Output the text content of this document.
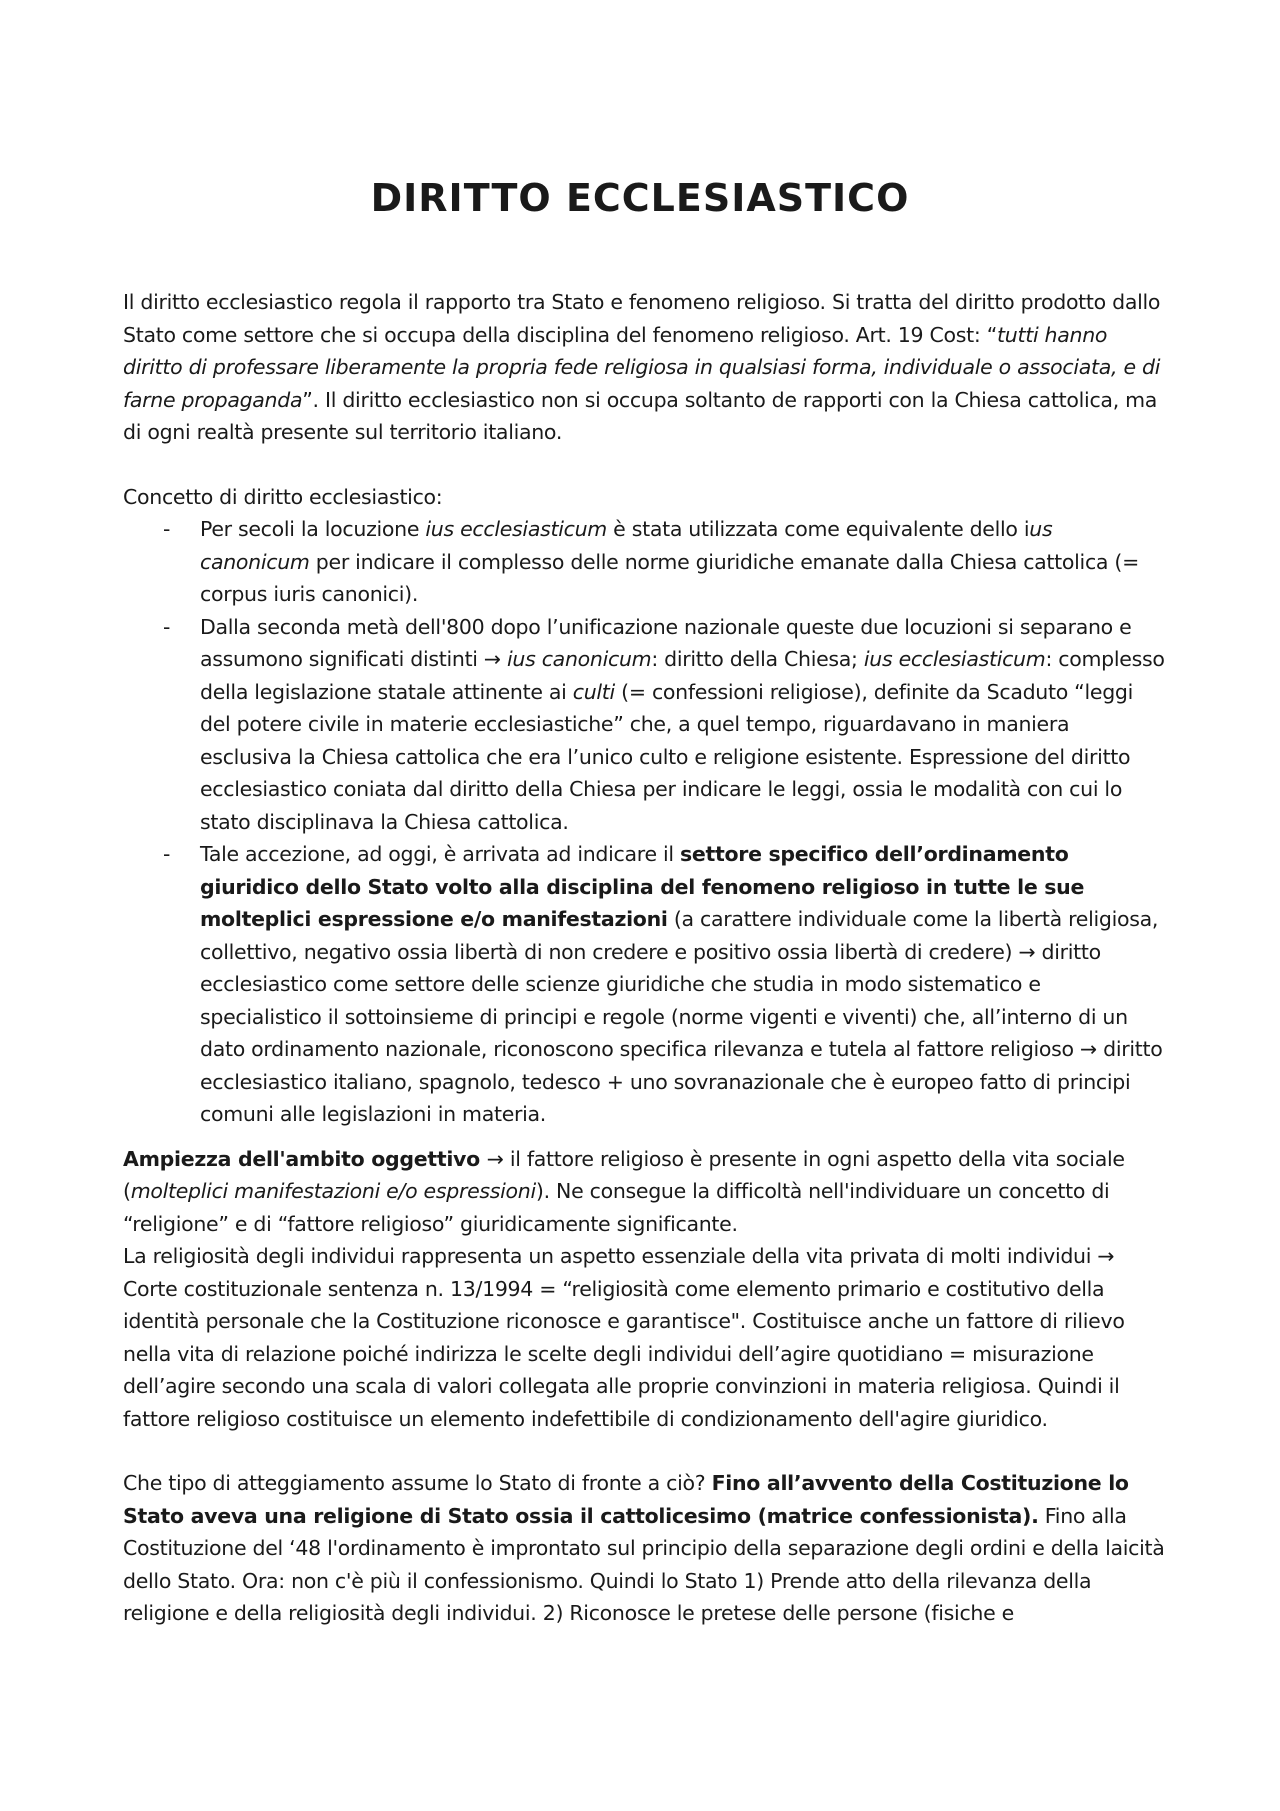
DIRITTO ECCLESIASTICO

Il diritto ecclesiastico regola il rapporto tra Stato e fenomeno religioso. Si tratta del diritto prodotto dallo Stato come settore che si occupa della disciplina del fenomeno religioso. Art. 19 Cost: “tutti hanno diritto di professare liberamente la propria fede religiosa in qualsiasi forma, individuale o associata, e di farne propaganda”. Il diritto ecclesiastico non si occupa soltanto de rapporti con la Chiesa cattolica, ma di ogni realtà presente sul territorio italiano.

Concetto di diritto ecclesiastico:

- Per secoli la locuzione ius ecclesiasticum è stata utilizzata come equivalente dello ius canonicum per indicare il complesso delle norme giuridiche emanate dalla Chiesa cattolica (= corpus iuris canonici).
- Dalla seconda metà dell'800 dopo l’unificazione nazionale queste due locuzioni si separano e assumono significati distinti → ius canonicum: diritto della Chiesa; ius ecclesiasticum: complesso della legislazione statale attinente ai culti (= confessioni religiose), definite da Scaduto “leggi del potere civile in materie ecclesiastiche” che, a quel tempo, riguardavano in maniera esclusiva la Chiesa cattolica che era l’unico culto e religione esistente. Espressione del diritto ecclesiastico coniata dal diritto della Chiesa per indicare le leggi, ossia le modalità con cui lo stato disciplinava la Chiesa cattolica.
- Tale accezione, ad oggi, è arrivata ad indicare il settore specifico dell’ordinamento giuridico dello Stato volto alla disciplina del fenomeno religioso in tutte le sue molteplici espressione e/o manifestazioni (a carattere individuale come la libertà religiosa, collettivo, negativo ossia libertà di non credere e positivo ossia libertà di credere) → diritto ecclesiastico come settore delle scienze giuridiche che studia in modo sistematico e specialistico il sottoinsieme di principi e regole (norme vigenti e viventi) che, all’interno di un dato ordinamento nazionale, riconoscono specifica rilevanza e tutela al fattore religioso → diritto ecclesiastico italiano, spagnolo, tedesco + uno sovranazionale che è europeo fatto di principi comuni alle legislazioni in materia.

Ampiezza dell'ambito oggettivo → il fattore religioso è presente in ogni aspetto della vita sociale (molteplici manifestazioni e/o espressioni). Ne consegue la difficoltà nell'individuare un concetto di “religione” e di “fattore religioso” giuridicamente significante.

La religiosità degli individui rappresenta un aspetto essenziale della vita privata di molti individui → Corte costituzionale sentenza n. 13/1994 = “religiosità come elemento primario e costitutivo della identità personale che la Costituzione riconosce e garantisce". Costituisce anche un fattore di rilievo nella vita di relazione poiché indirizza le scelte degli individui dell’agire quotidiano = misurazione dell’agire secondo una scala di valori collegata alle proprie convinzioni in materia religiosa. Quindi il fattore religioso costituisce un elemento indefettibile di condizionamento dell'agire giuridico.

Che tipo di atteggiamento assume lo Stato di fronte a ciò? Fino all’avvento della Costituzione lo Stato aveva una religione di Stato ossia il cattolicesimo (matrice confessionista). Fino alla Costituzione del ‘48 l'ordinamento è improntato sul principio della separazione degli ordini e della laicità dello Stato. Ora: non c'è più il confessionismo. Quindi lo Stato 1) Prende atto della rilevanza della religione e della religiosità degli individui. 2) Riconosce le pretese delle persone (fisiche e
